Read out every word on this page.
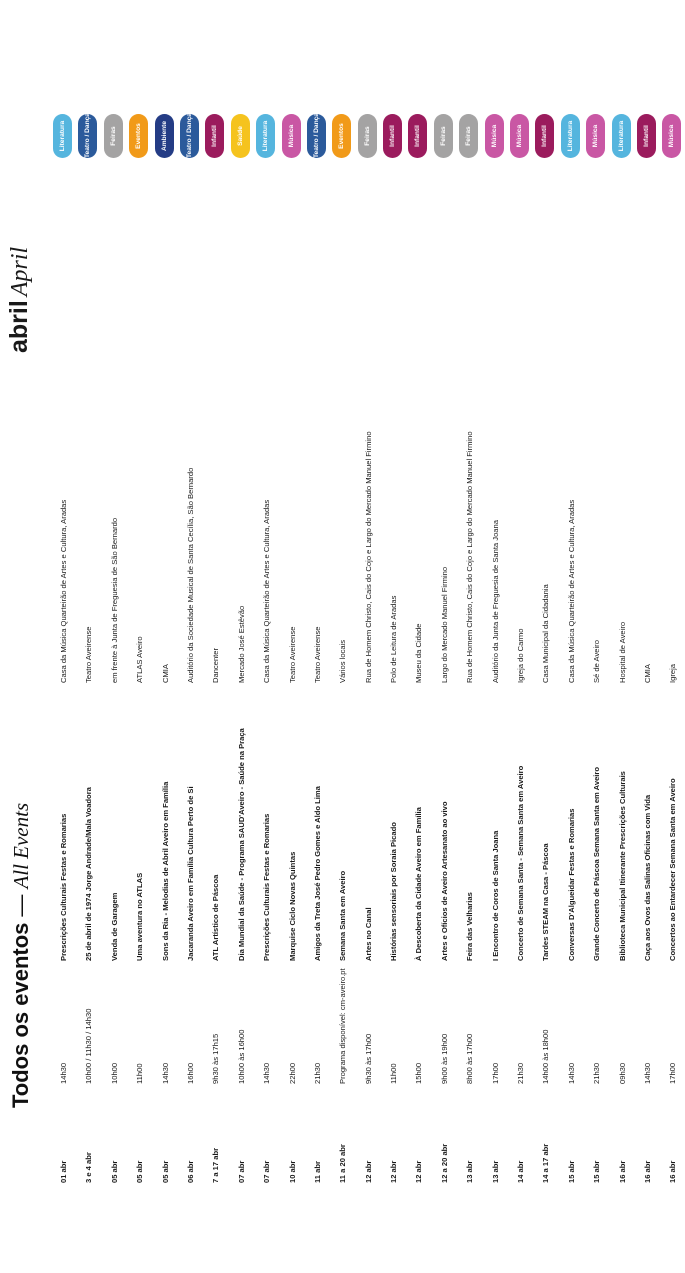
Todos os eventos—All Events
abrilApril
01 abr
14h30
Prescrições Culturais Festas e Romarias
Casa da Música Quarteirão de Artes e Cultura, Aradas
Literatura
3 e 4 abr
10h00 / 11h30 / 14h30
25 de abril de 1974 Jorge Andrade/Mala Voadora
Teatro Aveirense
Teatro / Dança
05 abr
10h00
Venda de Garagem
em frente à Junta de Freguesia de São Bernardo
Feiras
05 abr
11h00
Uma aventura no ATLAS
ATLAS Aveiro
Eventos
05 abr
14h30
Sons da Ria - Melodias de Abril Aveiro em Família
CMIA
Ambiente
06 abr
16h00
Jacaranda Aveiro em Família Cultura Perto de Si
Auditório da Sociedade Musical de Santa Cecília, São Bernardo
Teatro / Dança
7 a 17 abr
9h30 às 17h15
ATL Artístico de Páscoa
Dancenter
Infantil
07 abr
10h00 às 16h00
Dia Mundial da Saúde - Programa SAUD'Aveiro - Saúde na Praça
Mercado José Estêvão
Saúde
07 abr
14h30
Prescrições Culturais Festas e Romarias
Casa da Música Quarteirão de Artes e Cultura, Aradas
Literatura
10 abr
22h00
Marquise Ciclo Novas Quintas
Teatro Aveirense
Música
11 abr
21h30
Amigos da Treta José Pedro Gomes e Aldo Lima
Teatro Aveirense
Teatro / Dança
11 a 20 abr
Programa disponível: cm-aveiro.pt
Semana Santa em Aveiro
Vários locais
Eventos
12 abr
9h30 às 17h00
Artes no Canal
Rua de Homem Christo, Cais do Cojo e Largo do Mercado Manuel Firmino
Feiras
12 abr
11h00
Histórias sensoriais por Soraia Picado
Polo de Leitura de Aradas
Infantil
12 abr
15h00
À Descoberta da Cidade Aveiro em Família
Museu da Cidade
Infantil
12 a 20 abr
9h00 às 19h00
Artes e Ofícios de Aveiro Artesanato ao vivo
Largo do Mercado Manuel Firmino
Feiras
13 abr
8h00 às 17h00
Feira das Velharias
Rua de Homem Christo, Cais do Cojo e Largo do Mercado Manuel Firmino
Feiras
13 abr
17h00
I Encontro de Coros de Santa Joana
Auditório da Junta de Freguesia de Santa Joana
Música
14 abr
21h30
Concerto de Semana Santa - Semana Santa em Aveiro
Igreja do Carmo
Música
14 a 17 abr
14h00 às 18h00
Tardes STEAM na Casa - Páscoa
Casa Municipal da Cidadania
Infantil
15 abr
14h30
Conversas D'Algueidar Festas e Romarias
Casa da Música Quarteirão de Artes e Cultura, Aradas
Literatura
15 abr
21h30
Grande Concerto de Páscoa Semana Santa em Aveiro
Sé de Aveiro
Música
16 abr
09h30
Biblioteca Municipal Itinerante Prescrições Culturais
Hospital de Aveiro
Literatura
16 abr
14h30
Caça aos Ovos das Salinas Oficinas com Vida
CMIA
Infantil
16 abr
17h00
Concertos ao Entardecer Semana Santa em Aveiro
Igreja
Música
